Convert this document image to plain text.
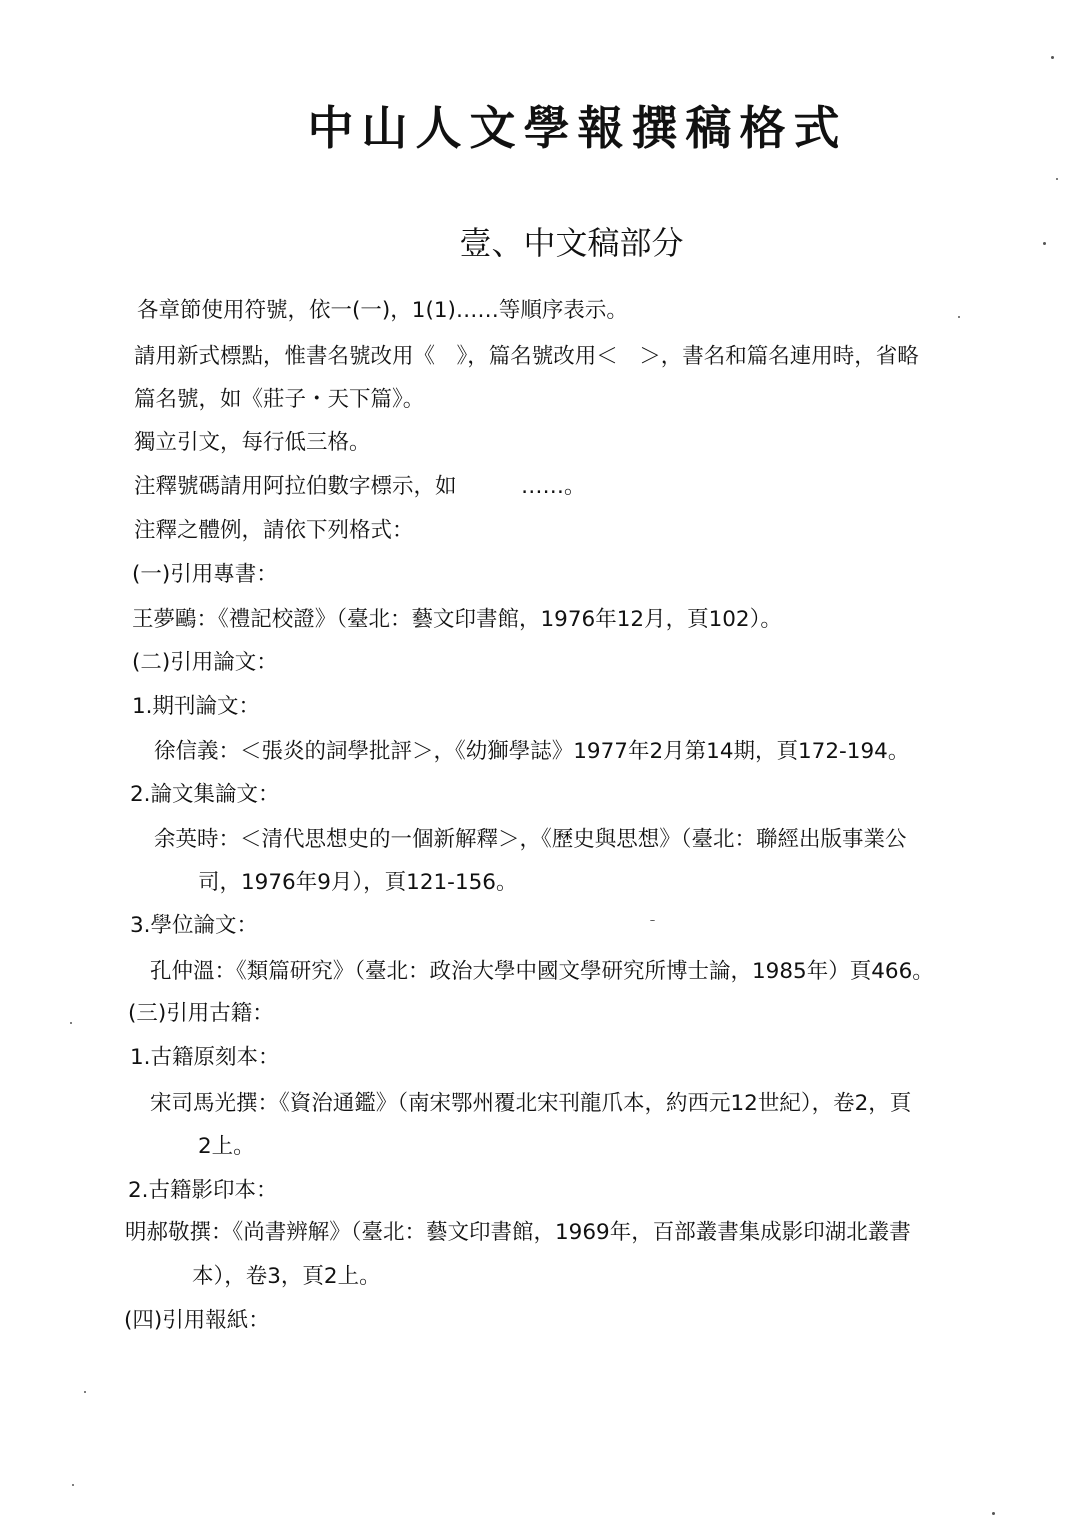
中山人文學報撰稿格式
壹、中文稿部分
各章節使用符號，依一(一)，1(1)……等順序表示。
請用新式標點，惟書名號改用《　》，篇名號改用＜　＞，書名和篇名連用時，省略
篇名號，如《莊子・天下篇》。
獨立引文，每行低三格。
注釋號碼請用阿拉伯數字標示，如　　　……。
注釋之體例，請依下列格式：
(一)引用專書：
王夢鷗：《禮記校證》（臺北：藝文印書館，1976年12月，頁102）。
(二)引用論文：
1.期刊論文：
徐信義：＜張炎的詞學批評＞，《幼獅學誌》1977年2月第14期，頁172-194。
2.論文集論文：
余英時：＜清代思想史的一個新解釋＞，《歷史與思想》（臺北：聯經出版事業公
司，1976年9月），頁121-156。
3.學位論文：
孔仲溫：《類篇研究》（臺北：政治大學中國文學研究所博士論，1985年）頁466。
(三)引用古籍：
1.古籍原刻本：
宋司馬光撰：《資治通鑑》（南宋鄂州覆北宋刊龍爪本，約西元12世紀），卷2，頁
2上。
2.古籍影印本：
明郝敬撰：《尚書辨解》（臺北：藝文印書館，1969年，百部叢書集成影印湖北叢書
本），卷3，頁2上。
(四)引用報紙：
